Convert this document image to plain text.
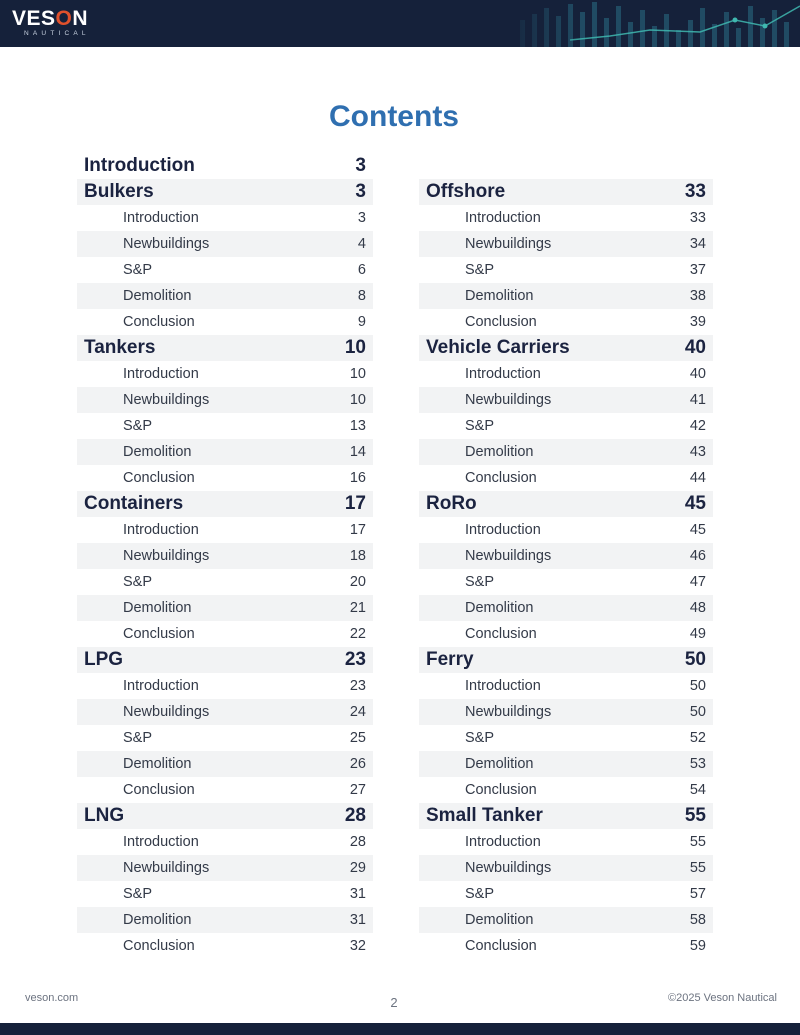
VESON
NAUTICAL
Contents
Introduction	3
Bulkers	3
Introduction	3
Newbuildings	4
S&P	6
Demolition	8
Conclusion	9
Tankers	10
Introduction	10
Newbuildings	10
S&P	13
Demolition	14
Conclusion	16
Containers	17
Introduction	17
Newbuildings	18
S&P	20
Demolition	21
Conclusion	22
LPG	23
Introduction	23
Newbuildings	24
S&P	25
Demolition	26
Conclusion	27
LNG	28
Introduction	28
Newbuildings	29
S&P	31
Demolition	31
Conclusion	32
Offshore	33
Introduction	33
Newbuildings	34
S&P	37
Demolition	38
Conclusion	39
Vehicle Carriers	40
Introduction	40
Newbuildings	41
S&P	42
Demolition	43
Conclusion	44
RoRo	45
Introduction	45
Newbuildings	46
S&P	47
Demolition	48
Conclusion	49
Ferry	50
Introduction	50
Newbuildings	50
S&P	52
Demolition	53
Conclusion	54
Small Tanker	55
Introduction	55
Newbuildings	55
S&P	57
Demolition	58
Conclusion	59
veson.com	2	©2025 Veson Nautical
